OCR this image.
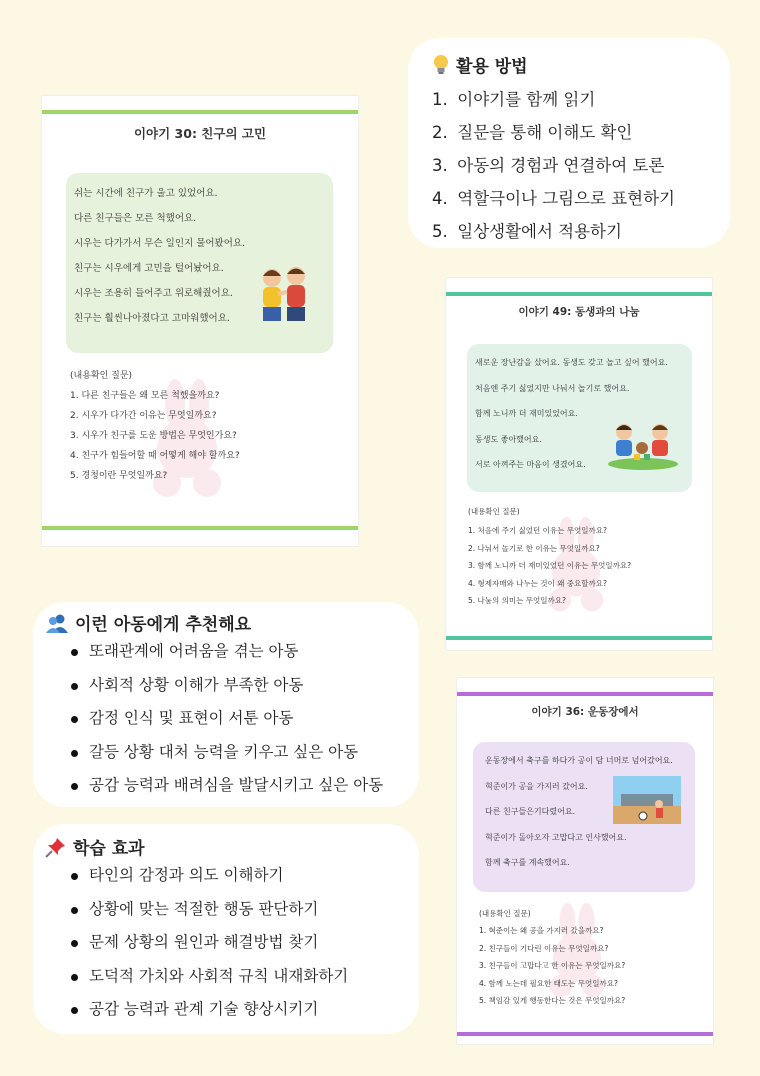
활용 방법
1. 이야기를 함께 읽기
2. 질문을 통해 이해도 확인
3. 아동의 경험과 연결하여 토론
4. 역할극이나 그림으로 표현하기
5. 일상생활에서 적용하기
이런 아동에게 추천해요
또래관계에 어려움을 겪는 아동
사회적 상황 이해가 부족한 아동
감정 인식 및 표현이 서툰 아동
갈등 상황 대처 능력을 키우고 싶은 아동
공감 능력과 배려심을 발달시키고 싶은 아동
학습 효과
타인의 감정과 의도 이해하기
상황에 맞는 적절한 행동 판단하기
문제 상황의 원인과 해결방법 찾기
도덕적 가치와 사회적 규칙 내재화하기
공감 능력과 관계 기술 향상시키기
이야기 30: 친구의 고민

쉬는 시간에 친구가 울고 있었어요.

다른 친구들은 모른 척했어요.

시우는 다가가서 무슨 일인지 물어봤어요.

친구는 시우에게 고민을 털어놨어요.

시우는 조용히 들어주고 위로해줬어요.

친구는 훨씬나아졌다고 고마워했어요.

(내용확인 질문)
1. 다른 친구들은 왜 모른 척했을까요?
2. 시우가 다가간 이유는 무엇일까요?
3. 시우가 친구를 도운 방법은 무엇인가요?
4. 친구가 힘들어할 때 어떻게 해야 할까요?
5. 경청이란 무엇일까요?
이야기 49: 동생과의 나눔

새로운 장난감을 샀어요. 동생도 갖고 놀고 싶어 했어요.

처음엔 주기 싫었지만 나눠서 놀기로 했어요.

함께 노니까 더 재미있었어요.

동생도 좋아했어요.

서로 아껴주는 마음이 생겼어요.

(내용확인 질문)
1. 처음에 주기 싫었던 이유는 무엇일까요?
2. 나눠서 놀기로 한 이유는 무엇일까요?
3. 함께 노니까 더 재미있었던 이유는 무엇일까요?
4. 형제자매와 나누는 것이 왜 중요할까요?
5. 나눔의 의미는 무엇일까요?
이야기 36: 운동장에서

운동장에서 축구를 하다가 공이 담 너머로 넘어갔어요.

혁준이가 공을 가지러 갔어요.

다른 친구들은기다렸어요.

혁준이가 돌아오자 고맙다고 인사했어요.

함께 축구를 계속했어요.

(내용확인 질문)
1. 혁준이는 왜 공을 가지러 갔을까요?
2. 친구들이 기다린 이유는 무엇일까요?
3. 친구들이 고맙다고 한 이유는 무엇일까요?
4. 함께 노는데 필요한 태도는 무엇일까요?
5. 책임감 있게 행동한다는 것은 무엇일까요?
